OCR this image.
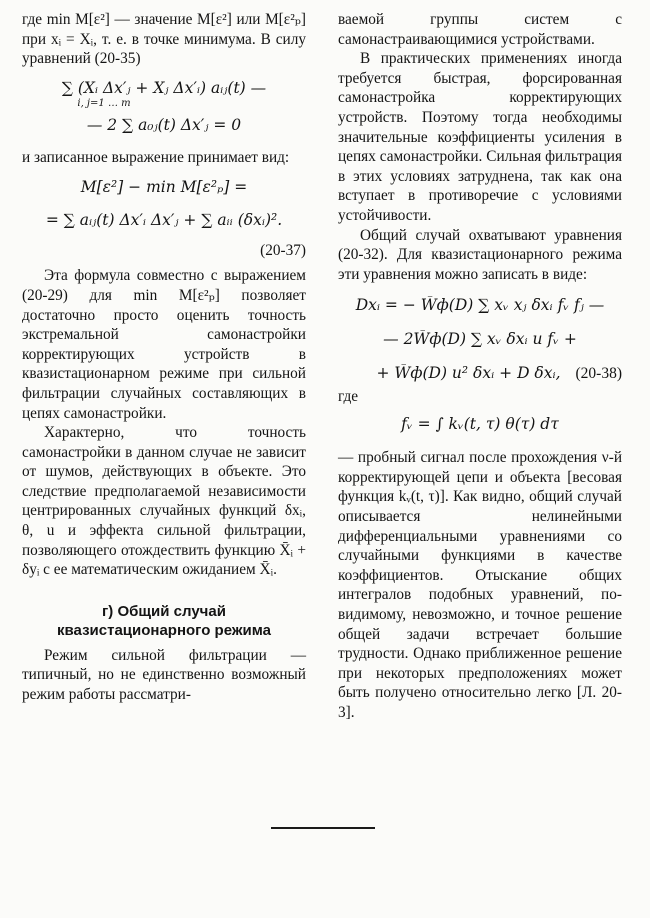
где min M[ε²] — значение M[ε²] или M[ε²ₚ] при xᵢ = Xᵢ, т. е. в точке минимума. В силу уравнений (20-35)

∑ (Xᵢ Δx′ⱼ + Xⱼ Δx′ᵢ) aᵢⱼ(t) —
i, j=1 … m
— 2 ∑ a₀ⱼ(t) Δx′ⱼ = 0

и записанное выражение принимает вид:

M[ε²] − min M[ε²ₚ] =
= ∑ aᵢⱼ(t) Δx′ᵢ Δx′ⱼ + ∑ aᵢᵢ (δxᵢ)².
(20-37)

Эта формула совместно с выражением (20-29) для min M[ε²ₚ] позволяет достаточно просто оценить точность экстремальной самонастройки корректирующих устройств в квазистационарном режиме при сильной фильтрации случайных составляющих в цепях самонастройки.

Характерно, что точность самонастройки в данном случае не зависит от шумов, действующих в объекте. Это следствие предполагаемой независимости центрированных случайных функций δxᵢ, θ, u и эффекта сильной фильтрации, позволяющего отождествить функцию X̄ᵢ + δyᵢ с ее математическим ожиданием X̄ᵢ.

г) Общий случай
квазистационарного режима

Режим сильной фильтрации — типичный, но не единственно возможный режим работы рассматри-

ваемой группы систем с самонастраивающимися устройствами.

В практических применениях иногда требуется быстрая, форсированная самонастройка корректирующих устройств. Поэтому тогда необходимы значительные коэффициенты усиления в цепях самонастройки. Сильная фильтрация в этих условиях затруднена, так как она вступает в противоречие с условиями устойчивости.

Общий случай охватывают уравнения (20-32). Для квазистационарного режима эти уравнения можно записать в виде:

Dxᵢ = − W̄ф(D) ∑ xᵥ xⱼ δxᵢ fᵥ fⱼ —
— 2W̄ф(D) ∑ xᵥ δxᵢ u fᵥ +
+ W̄ф(D) u² δxᵢ + D δxᵢ, (20-38)

где

fᵥ = ∫ kᵥ(t, τ) θ(τ) dτ

— пробный сигнал после прохождения ν-й корректирующей цепи и объекта [весовая функция kᵥ(t, τ)]. Как видно, общий случай описывается нелинейными дифференциальными уравнениями со случайными функциями в качестве коэффициентов. Отыскание общих интегралов подобных уравнений, по-видимому, невозможно, и точное решение общей задачи встречает большие трудности. Однако приближенное решение при некоторых предположениях может быть получено относительно легко [Л. 20-3].
